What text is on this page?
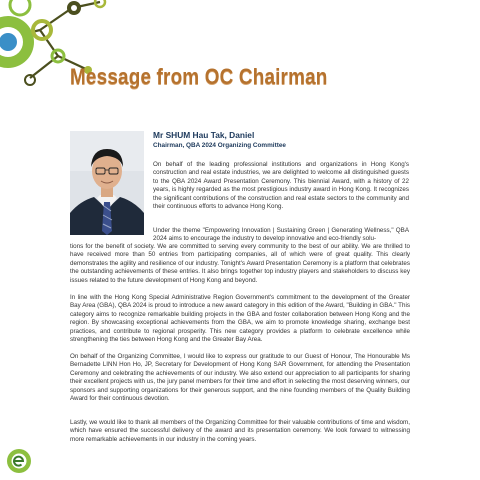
Message from OC Chairman
Mr SHUM Hau Tak, Daniel
Chairman, QBA 2024 Organizing Committee

On behalf of the leading professional institutions and organizations in Hong Kong's construction and real estate industries, we are delighted to welcome all distinguished guests to the QBA 2024 Award Presentation Ceremony. This biennial Award, with a history of 22 years, is highly regarded as the most prestigious industry award in Hong Kong. It recognizes the significant contributions of the construction and real estate sectors to the community and their continuous efforts to advance Hong Kong.

Under the theme "Empowering Innovation | Sustaining Green | Generating Wellness," QBA 2024 aims to encourage the industry to develop innovative and eco-friendly solu-

tions for the benefit of society. We are committed to serving every community to the best of our ability. We are thrilled to have received more than 50 entries from participating companies, all of which were of great quality. This clearly demonstrates the agility and resilience of our industry. Tonight's Award Presentation Ceremony is a platform that celebrates the outstanding achievements of these entries. It also brings together top industry players and stakeholders to discuss key issues related to the future development of Hong Kong and beyond.

In line with the Hong Kong Special Administrative Region Government's commitment to the development of the Greater Bay Area (GBA), QBA 2024 is proud to introduce a new award category in this edition of the Award, "Building in GBA." This category aims to recognize remarkable building projects in the GBA and foster collaboration between Hong Kong and the region. By showcasing exceptional achievements from the GBA, we aim to promote knowledge sharing, exchange best practices, and contribute to regional prosperity. This new category provides a platform to celebrate excellence while strengthening the ties between Hong Kong and the Greater Bay Area.

On behalf of the Organizing Committee, I would like to express our gratitude to our Guest of Honour, The Honourable Ms Bernadette LINN Hon Ho, JP, Secretary for Development of Hong Kong SAR Government, for attending the Presentation Ceremony and celebrating the achievements of our industry. We also extend our appreciation to all participants for sharing their excellent projects with us, the jury panel members for their time and effort in selecting the most deserving winners, our sponsors and supporting organizations for their generous support, and the nine founding members of the Quality Building Award for their continuous devotion.

Lastly, we would like to thank all members of the Organizing Committee for their valuable contributions of time and wisdom, which have ensured the successful delivery of the award and its presentation ceremony. We look forward to witnessing more remarkable achievements in our industry in the coming years.
